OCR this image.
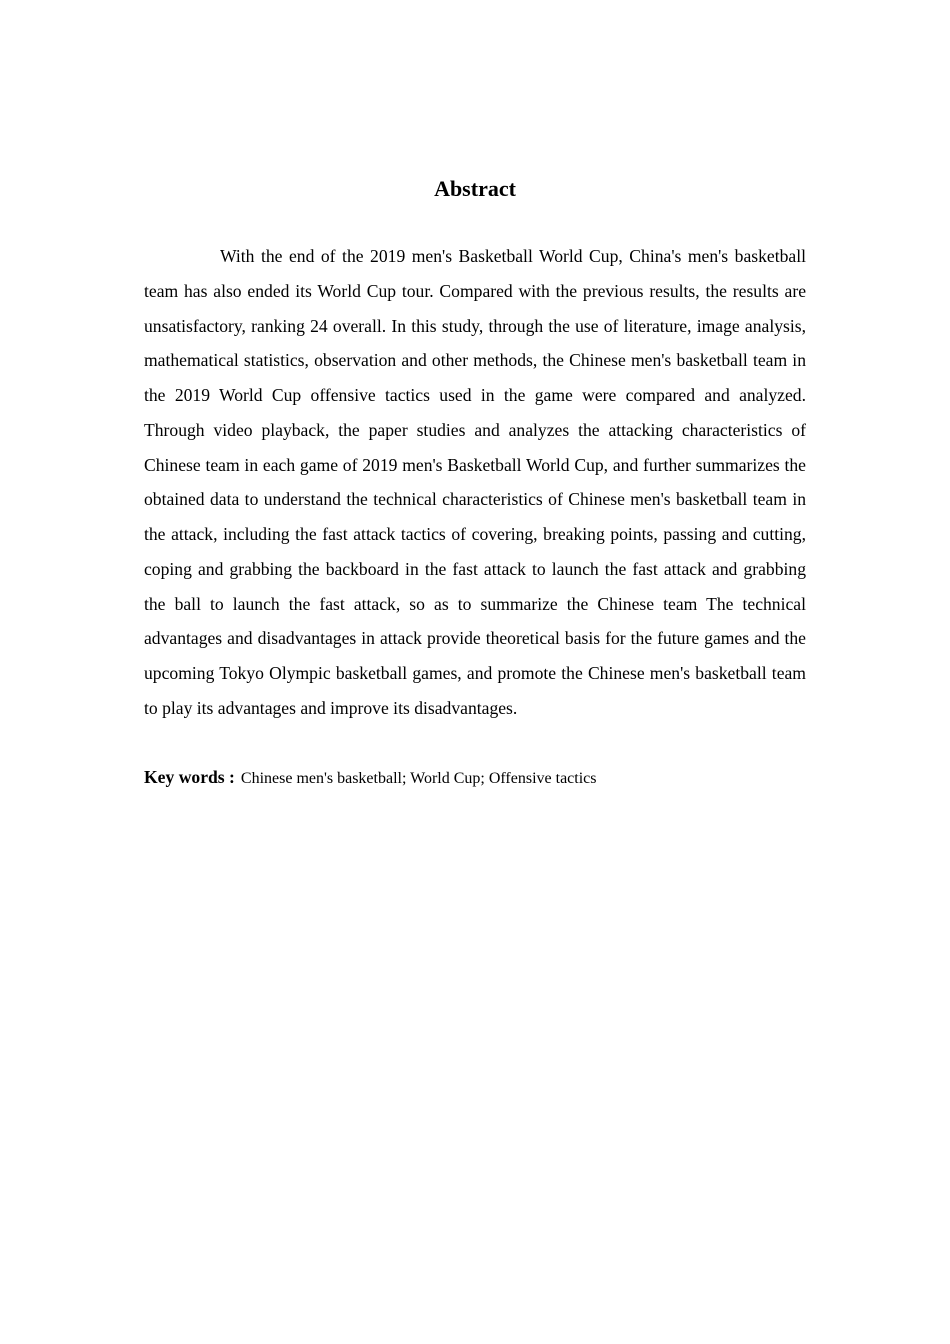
Abstract

With the end of the 2019 men's Basketball World Cup, China's men's basketball team has also ended its World Cup tour. Compared with the previous results, the results are unsatisfactory, ranking 24 overall. In this study, through the use of literature, image analysis, mathematical statistics, observation and other methods, the Chinese men's basketball team in the 2019 World Cup offensive tactics used in the game were compared and analyzed. Through video playback, the paper studies and analyzes the attacking characteristics of Chinese team in each game of 2019 men's Basketball World Cup, and further summarizes the obtained data to understand the technical characteristics of Chinese men's basketball team in the attack, including the fast attack tactics of covering, breaking points, passing and cutting, coping and grabbing the backboard in the fast attack to launch the fast attack and grabbing the ball to launch the fast attack, so as to summarize the Chinese team The technical advantages and disadvantages in attack provide theoretical basis for the future games and the upcoming Tokyo Olympic basketball games, and promote the Chinese men's basketball team to play its advantages and improve its disadvantages.

Key words : Chinese men's basketball; World Cup; Offensive tactics
